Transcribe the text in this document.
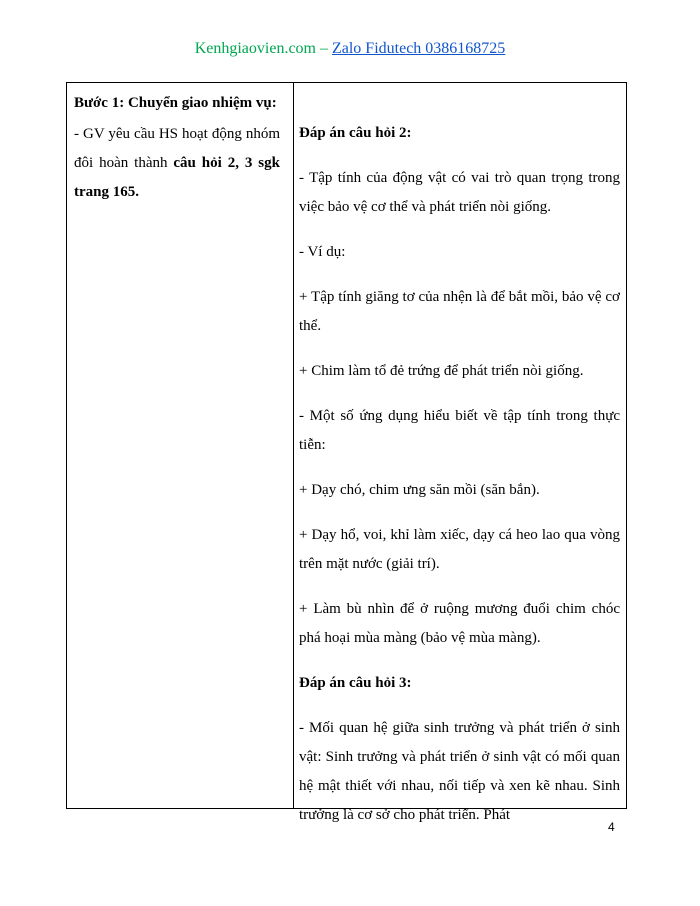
Kenhgiaovien.com – Zalo Fidutech 0386168725

Bước 1: Chuyển giao nhiệm vụ:

- GV yêu cầu HS hoạt động nhóm đôi hoàn thành câu hỏi 2, 3 sgk trang 165.

Đáp án câu hỏi 2:

- Tập tính của động vật có vai trò quan trọng trong việc bảo vệ cơ thể và phát triển nòi giống.

- Ví dụ:

+ Tập tính giăng tơ của nhện là để bắt mồi, bảo vệ cơ thể.

+ Chim làm tổ đẻ trứng để phát triển nòi giống.

- Một số ứng dụng hiểu biết về tập tính trong thực tiễn:

+ Dạy chó, chim ưng săn mồi (săn bắn).

+ Dạy hổ, voi, khỉ làm xiếc, dạy cá heo lao qua vòng trên mặt nước (giải trí).

+ Làm bù nhìn để ở ruộng mương đuổi chim chóc phá hoại mùa màng (bảo vệ mùa màng).

Đáp án câu hỏi 3:

- Mối quan hệ giữa sinh trưởng và phát triển ở sinh vật: Sinh trưởng và phát triển ở sinh vật có mối quan hệ mật thiết với nhau, nối tiếp và xen kẽ nhau. Sinh trưởng là cơ sở cho phát triển. Phát

4
